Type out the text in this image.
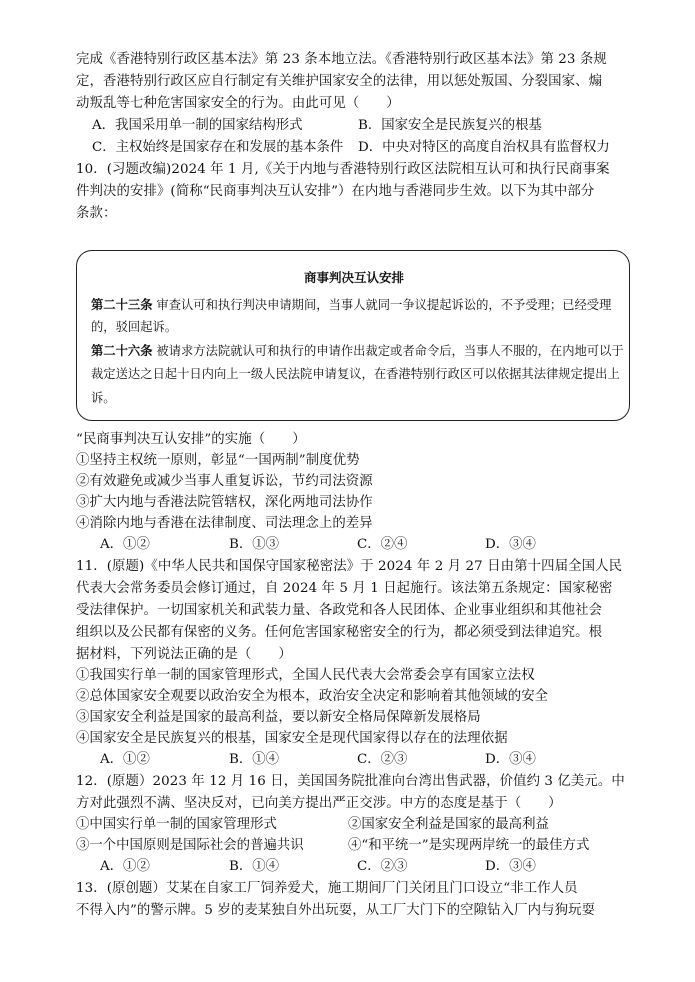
完成《香港特别行政区基本法》第 23 条本地立法。《香港特别行政区基本法》第 23 条规
定，香港特别行政区应自行制定有关维护国家安全的法律，用以惩处叛国、分裂国家、煽
动叛乱等七种危害国家安全的行为。由此可见（　　）
A．我国采用单一制的国家结构形式	B．国家安全是民族复兴的根基
C．主权始终是国家存在和发展的基本条件 D．中央对特区的高度自治权具有监督权力
10．(习题改编)2024 年 1 月,《关于内地与香港特别行政区法院相互认可和执行民商事案
件判决的安排》(简称“民商事判决互认安排”）在内地与香港同步生效。以下为其中部分
条款：
商事判决互认安排
第二十三条 审查认可和执行判决申请期间，当事人就同一争议提起诉讼的，不予受理；已经受理
的，驳回起诉。
第二十六条 被请求方法院就认可和执行的申请作出裁定或者命令后，当事人不服的，在内地可以于
裁定送达之日起十日内向上一级人民法院申请复议，在香港特别行政区可以依据其法律规定提出上
诉。
“民商事判决互认安排”的实施（　　）
①坚持主权统一原则，彰显“一国两制”制度优势
②有效避免或减少当事人重复诉讼，节约司法资源
③扩大内地与香港法院管辖权，深化两地司法协作
④消除内地与香港在法律制度、司法理念上的差异
A．①②	B．①③	C．②④	D．③④
11．(原题)《中华人民共和国保守国家秘密法》于 2024 年 2 月 27 日由第十四届全国人民
代表大会常务委员会修订通过，自 2024 年 5 月 1 日起施行。该法第五条规定：国家秘密
受法律保护。一切国家机关和武装力量、各政党和各人民团体、企业事业组织和其他社会
组织以及公民都有保密的义务。任何危害国家秘密安全的行为，都必须受到法律追究。根
据材料，下列说法正确的是（　　）
①我国实行单一制的国家管理形式，全国人民代表大会常委会享有国家立法权
②总体国家安全观要以政治安全为根本，政治安全决定和影响着其他领域的安全
③国家安全利益是国家的最高利益，要以新安全格局保障新发展格局
④国家安全是民族复兴的根基，国家安全是现代国家得以存在的法理依据
A．①②	B．①④	C．②③	D．③④
12．(原题）2023 年 12 月 16 日，美国国务院批准向台湾出售武器，价值约 3 亿美元。中
方对此强烈不满、坚决反对，已向美方提出严正交涉。中方的态度是基于（　　）
①中国实行单一制的国家管理形式	②国家安全利益是国家的最高利益
③一个中国原则是国际社会的普遍共识	④“和平统一”是实现两岸统一的最佳方式
A．①②	B．①④	C．②③	D．③④
13．(原创题）艾某在自家工厂饲养爱犬，施工期间厂门关闭且门口设立“非工作人员
不得入内”的警示牌。5 岁的麦某独自外出玩耍，从工厂大门下的空隙钻入厂内与狗玩耍
